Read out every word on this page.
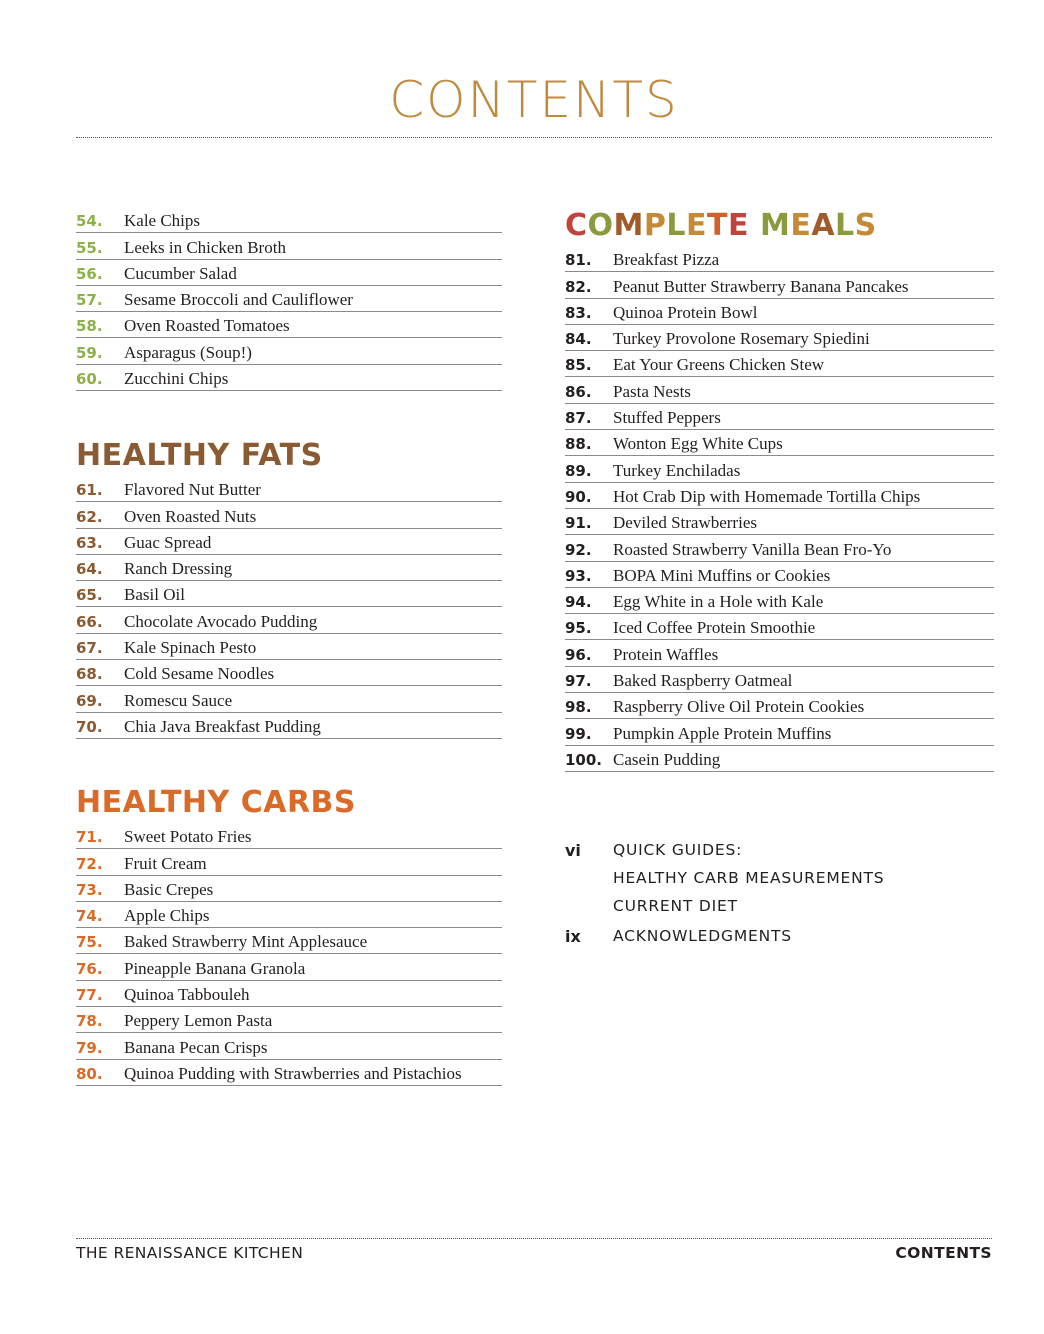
CONTENTS
54.	Kale Chips
55.	Leeks in Chicken Broth
56.	Cucumber Salad
57.	Sesame Broccoli and Cauliflower
58.	Oven Roasted Tomatoes
59.	Asparagus (Soup!)
60.	Zucchini Chips
HEALTHY FATS
61.	Flavored Nut Butter
62.	Oven Roasted Nuts
63.	Guac Spread
64.	Ranch Dressing
65.	Basil Oil
66.	Chocolate Avocado Pudding
67.	Kale Spinach Pesto
68.	Cold Sesame Noodles
69.	Romescu Sauce
70.	Chia Java Breakfast Pudding
HEALTHY CARBS
71.	Sweet Potato Fries
72.	Fruit Cream
73.	Basic Crepes
74.	Apple Chips
75.	Baked Strawberry Mint Applesauce
76.	Pineapple Banana Granola
77.	Quinoa Tabbouleh
78.	Peppery Lemon Pasta
79.	Banana Pecan Crisps
80.	Quinoa Pudding with Strawberries and Pistachios
COMPLETE MEALS
81.	Breakfast Pizza
82.	Peanut Butter Strawberry Banana Pancakes
83.	Quinoa Protein Bowl
84.	Turkey Provolone Rosemary Spiedini
85.	Eat Your Greens Chicken Stew
86.	Pasta Nests
87.	Stuffed Peppers
88.	Wonton Egg White Cups
89.	Turkey Enchiladas
90.	Hot Crab Dip with Homemade Tortilla Chips
91.	Deviled Strawberries
92.	Roasted Strawberry Vanilla Bean Fro-Yo
93.	BOPA Mini Muffins or Cookies
94.	Egg White in a Hole with Kale
95.	Iced Coffee Protein Smoothie
96.	Protein Waffles
97.	Baked Raspberry Oatmeal
98.	Raspberry Olive Oil Protein Cookies
99.	Pumpkin Apple Protein Muffins
100. Casein Pudding
vi	QUICK GUIDES:
HEALTHY CARB MEASUREMENTS
CURRENT DIET
ix	ACKNOWLEDGMENTS
THE RENAISSANCE KITCHEN	CONTENTS
